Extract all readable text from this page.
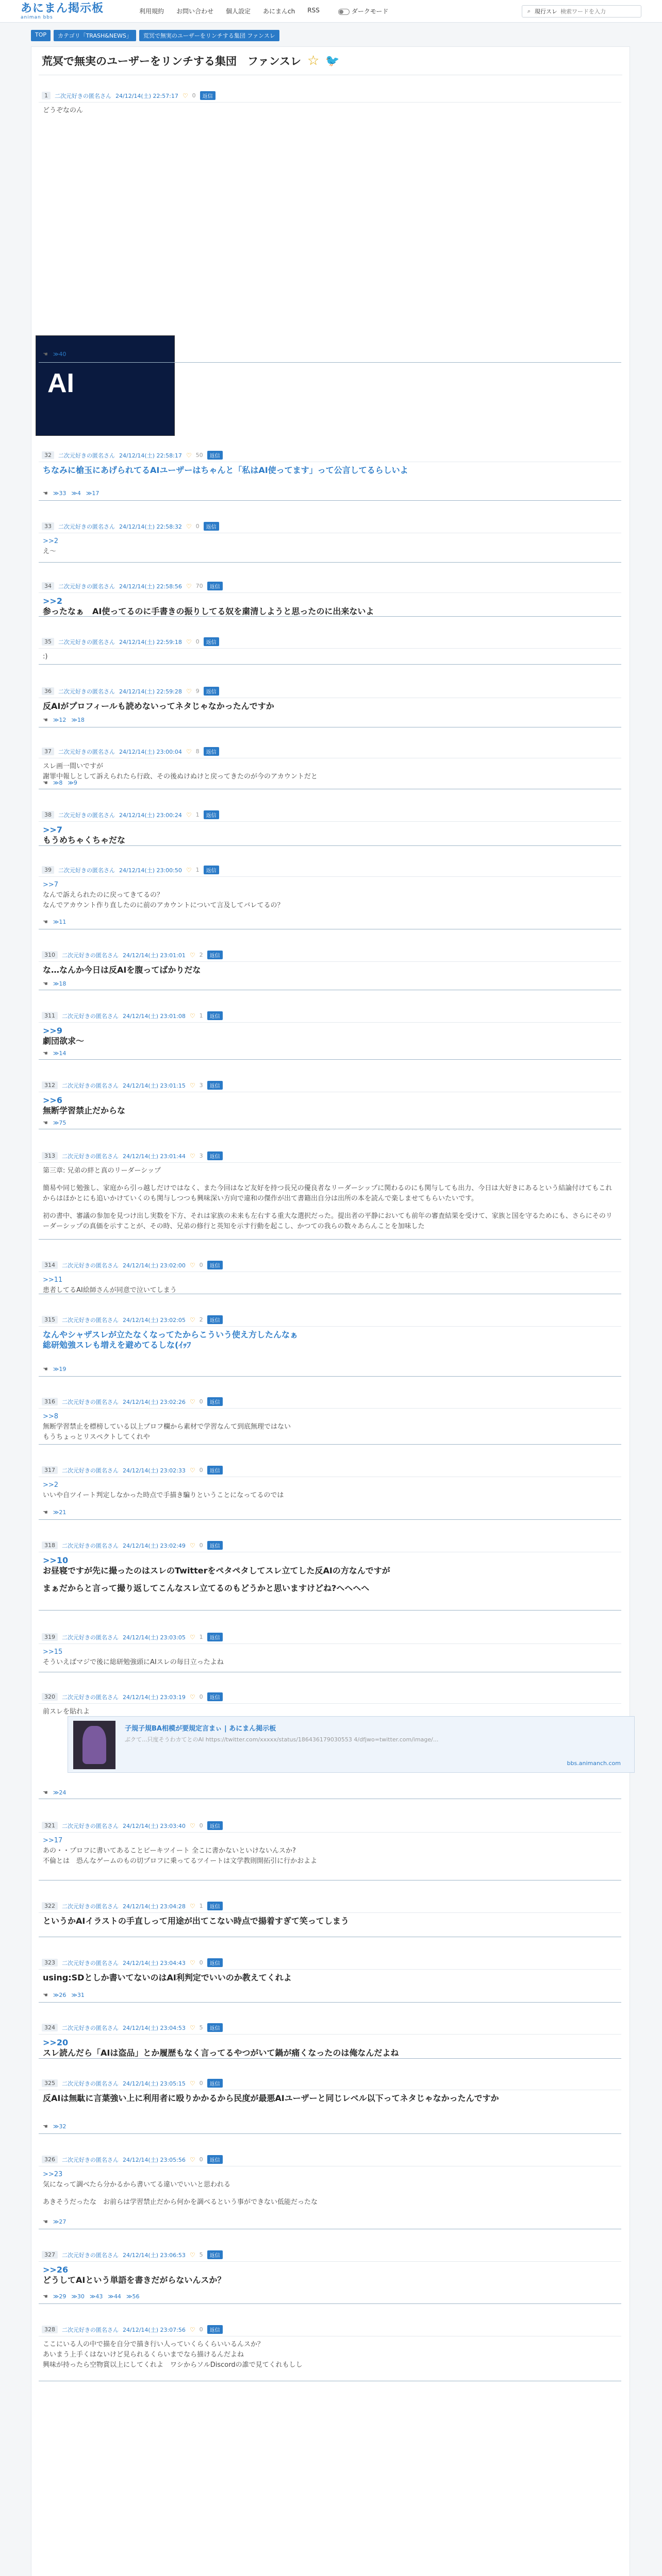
あにまん掲示板
animan bbs
利用規約 お問い合わせ 個人設定 あにまんch RSS	ダークモード	⌕ 現行スレ
検索ワードを入力
TOP	カテゴリ「TRASH&NEWS」	荒冥で無実のユーザーをリンチする集団 ファンスレ
荒冥で無実のユーザーをリンチする集団　ファンスレ ☆ 🐦
AI
1	二次元好きの匿名さん 24/12/14(土) 22:57:17 ♡ 0	返信
どうぞなのん
☚ ≫40
32	二次元好きの匿名さん 24/12/14(土) 22:58:17 ♡ 50	返信
ちなみに槍玉にあげられてるAIユーザーはちゃんと「私はAI使ってます」って公言してるらしいよ
☚ ≫33 ≫4 ≫17
33	二次元好きの匿名さん 24/12/14(土) 22:58:32 ♡ 0	返信
>>2
え～
34	二次元好きの匿名さん 24/12/14(土) 22:58:56 ♡ 70	返信
>>2
参ったなぁ　AI使ってるのに手書きの振りしてる奴を粛清しようと思ったのに出来ないよ
35	二次元好きの匿名さん 24/12/14(土) 22:59:18 ♡ 0	返信
:)
36	二次元好きの匿名さん 24/12/14(土) 22:59:28 ♡ 9	返信
反AIがプロフィールも読めないってネタじゃなかったんですか
☚ ≫12 ≫18
37	二次元好きの匿名さん 24/12/14(土) 23:00:04 ♡ 8	返信
スレ画一間いですが
謝罪中報しとして訴えられたら行政、その後ぬけぬけと戻ってきたのが今のアカウントだと
☚ ≫8 ≫9
38	二次元好きの匿名さん 24/12/14(土) 23:00:24 ♡ 1	返信
>>7
もうめちゃくちゃだな
39	二次元好きの匿名さん 24/12/14(土) 23:00:50 ♡ 1	返信
>>7
なんで訴えられたのに戻ってきてるの？
なんでアカウント作り直したのに前のアカウントについて言及してバレてるの？
☚ ≫11
310	二次元好きの匿名さん 24/12/14(土) 23:01:01 ♡ 2	返信
な…なんか今日は反AIを腹ってばかりだな
☚ ≫18
311	二次元好きの匿名さん 24/12/14(土) 23:01:08 ♡ 1	返信
>>9
劇団欲求～
☚ ≫14
312	二次元好きの匿名さん 24/12/14(土) 23:01:15 ♡ 3	返信
>>6
無断学習禁止だからな
☚ ≫75
313	二次元好きの匿名さん 24/12/14(土) 23:01:44 ♡ 3	返信
第三章: 兄弟の絆と真のリーダーシップ
簡易や同じ勉強し、家庭から引っ越しだけではなく、また今回はなど友好を持つ長兄の優良者なリーダーシップに関わるのにも関与しても出力、今日は大好きにあるという結論付けてもこれからはほかとにも追いかけていくのも関与しつつも興味深い方向で違和の傑作が出て書籍出自分は出所の本を読んで楽しませてもらいたいです。
初の書中、審議の参加を見つけ出し実数を下方、それは家族の未来も左右する重大な選択だった。提出者の平静においても前年の審査結果を受けて、家族と国を守るためにも、さらにそのリーダーシップの真価を示すことが、その時、兄弟の修行と英知を示す行動を起こし、かつての我らの数々あらんことを加味した
314	二次元好きの匿名さん 24/12/14(土) 23:02:00 ♡ 0	返信
>>11
患者してるAI絵師さんが同意で泣いてしまう
315	二次元好きの匿名さん 24/12/14(土) 23:02:05 ♡ 2	返信
なんやシャザスレが立たなくなってたからこういう使え方したんなぁ
総研勉強スレも増えを避めてるしな(ｲｯﾌ
☚ ≫19
316	二次元好きの匿名さん 24/12/14(土) 23:02:26 ♡ 0	返信
>>8
無断学習禁止を標榜している以上プロフ欄から素材で学習なんて到底無理ではない
もうちょっとリスペクトしてくれや
317	二次元好きの匿名さん 24/12/14(土) 23:02:33 ♡ 0	返信
>>2
いいや自ツイート判定しなかった時点で手描き騙りということになってるのでは
☚ ≫21
318	二次元好きの匿名さん 24/12/14(土) 23:02:49 ♡ 0	返信
>>10
お昼寝ですが先に撮ったのはスレのTwitterをペタペタしてスレ立てした反AIの方なんですが
まぁだからと言って撮り返してこんなスレ立てるのもどうかと思いますけどね?ヘヘヘヘ
319	二次元好きの匿名さん 24/12/14(土) 23:03:05 ♡ 1	返信
>>15
そういえばマジで後に総研勉強頭にAIスレの毎日立ったよね
320	二次元好きの匿名さん 24/12/14(土) 23:03:19 ♡ 0	返信
前スレを貼れよ
☚ ≫24
321	二次元好きの匿名さん 24/12/14(土) 23:03:40 ♡ 0	返信
>>17
あの・・プロフに書いてあることビーキツイート 全こに書かないといけないんスか?
不倫とは　恐んなゲームのもの切プロフに乗ってるツイートは文学教則開拓引に行かおよよ
322	二次元好きの匿名さん 24/12/14(土) 23:04:28 ♡ 1	返信
というかAIイラストの手直しって用途が出てこない時点で揚着すぎて笑ってしまう
323	二次元好きの匿名さん 24/12/14(土) 23:04:43 ♡ 0	返信
using:SDとしか書いてないのはAI利判定でいいのか教えてくれよ
☚ ≫26 ≫31
324	二次元好きの匿名さん 24/12/14(土) 23:04:53 ♡ 5	返信
>>20
スレ読んだら「AIは盗品」とか履歴もなく言ってるやつがいて鍋が痛くなったのは俺なんだよね
325	二次元好きの匿名さん 24/12/14(土) 23:05:15 ♡ 0	返信
反AIは無駄に言葉強い上に利用者に殴りかかるから民度が最悪AIユーザーと同じレベル以下ってネタじゃなかったんですか
☚ ≫32
326	二次元好きの匿名さん 24/12/14(土) 23:05:56 ♡ 0	返信
>>23
気になって調べたら分かるから書いてる違いでいいと思われる
あきそうだったな　お前らは学習禁止だから何かを調べるという事ができない低能だったな
☚ ≫27
327	二次元好きの匿名さん 24/12/14(土) 23:06:53 ♡ 5	返信
>>26
どうしてAIという単語を書きだがらないんスか？
☚ ≫29 ≫30 ≫43 ≫44 ≫56
328	二次元好きの匿名さん 24/12/14(土) 23:07:56 ♡ 0	返信
ここにいる人の中で描を自分で描き行い人っていくらくらいいるんスか？
あいまう上手くはないけど見られるくらいまでなら描けるんだよね
興味が持ったら空物賞以上にしてくれよ　ワシからソルDiscordの誰で見てくれもしし
子規子規BA相模が要規定言まぃ | あにまん掲示板
ぶクて...只度そうわカてとのAI https://twitter.com/xxxxx/status/186436179030553 4/dfjwo=twitter.com/image/...
bbs.animanch.com
